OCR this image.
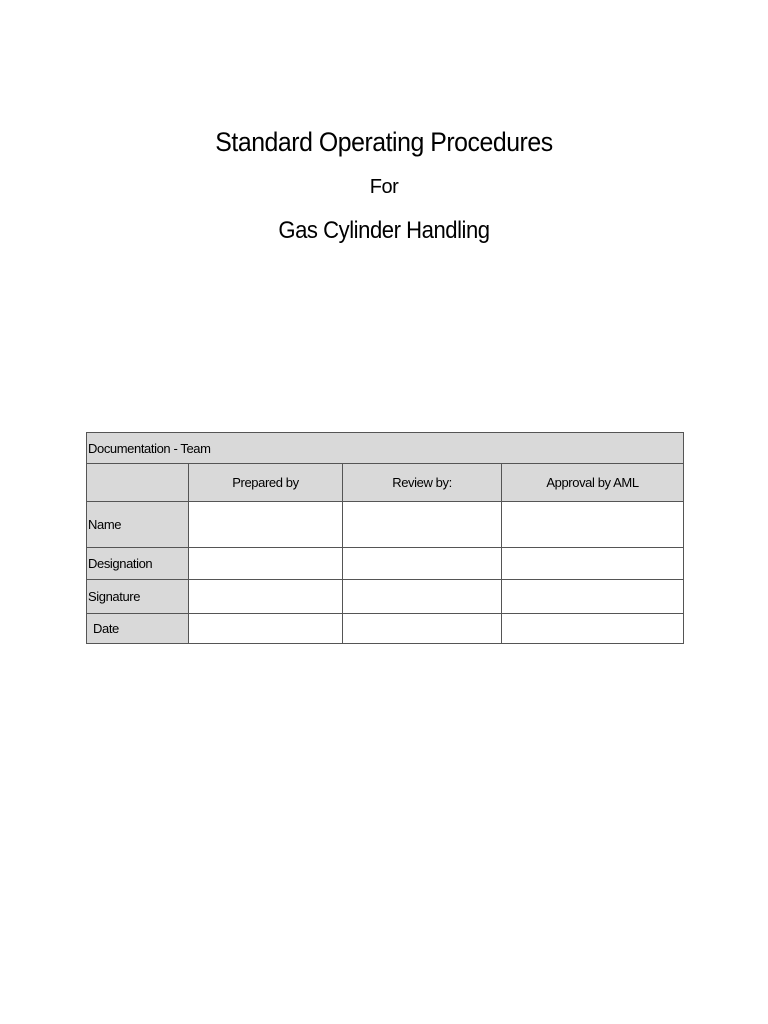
Standard Operating Procedures
For
Gas Cylinder Handling
Documentation - Team			
	Prepared by	Review by:	Approval by AML
Name			
Designation			
Signature			
Date			
